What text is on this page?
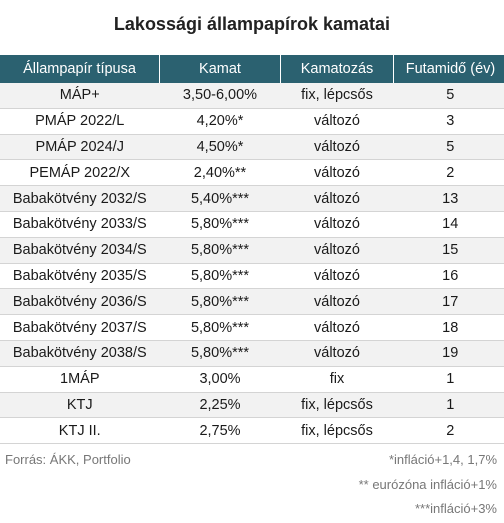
Lakossági állampapírok kamatai
Állampapír típusa	Kamat	Kamatozás	Futamidő (év)
MÁP+	3,50-6,00%	fix, lépcsős	5
PMÁP 2022/L	4,20%*	változó	3
PMÁP 2024/J	4,50%*	változó	5
PEMÁP 2022/X	2,40%**	változó	2
Babakötvény 2032/S	5,40%***	változó	13
Babakötvény 2033/S	5,80%***	változó	14
Babakötvény 2034/S	5,80%***	változó	15
Babakötvény 2035/S	5,80%***	változó	16
Babakötvény 2036/S	5,80%***	változó	17
Babakötvény 2037/S	5,80%***	változó	18
Babakötvény 2038/S	5,80%***	változó	19
1MÁP	3,00%	fix	1
KTJ	2,25%	fix, lépcsős	1
KTJ II.	2,75%	fix, lépcsős	2
Forrás: ÁKK, Portfolio	*infláció+1,4, 1,7%
** eurózóna infláció+1%
***infláció+3%
